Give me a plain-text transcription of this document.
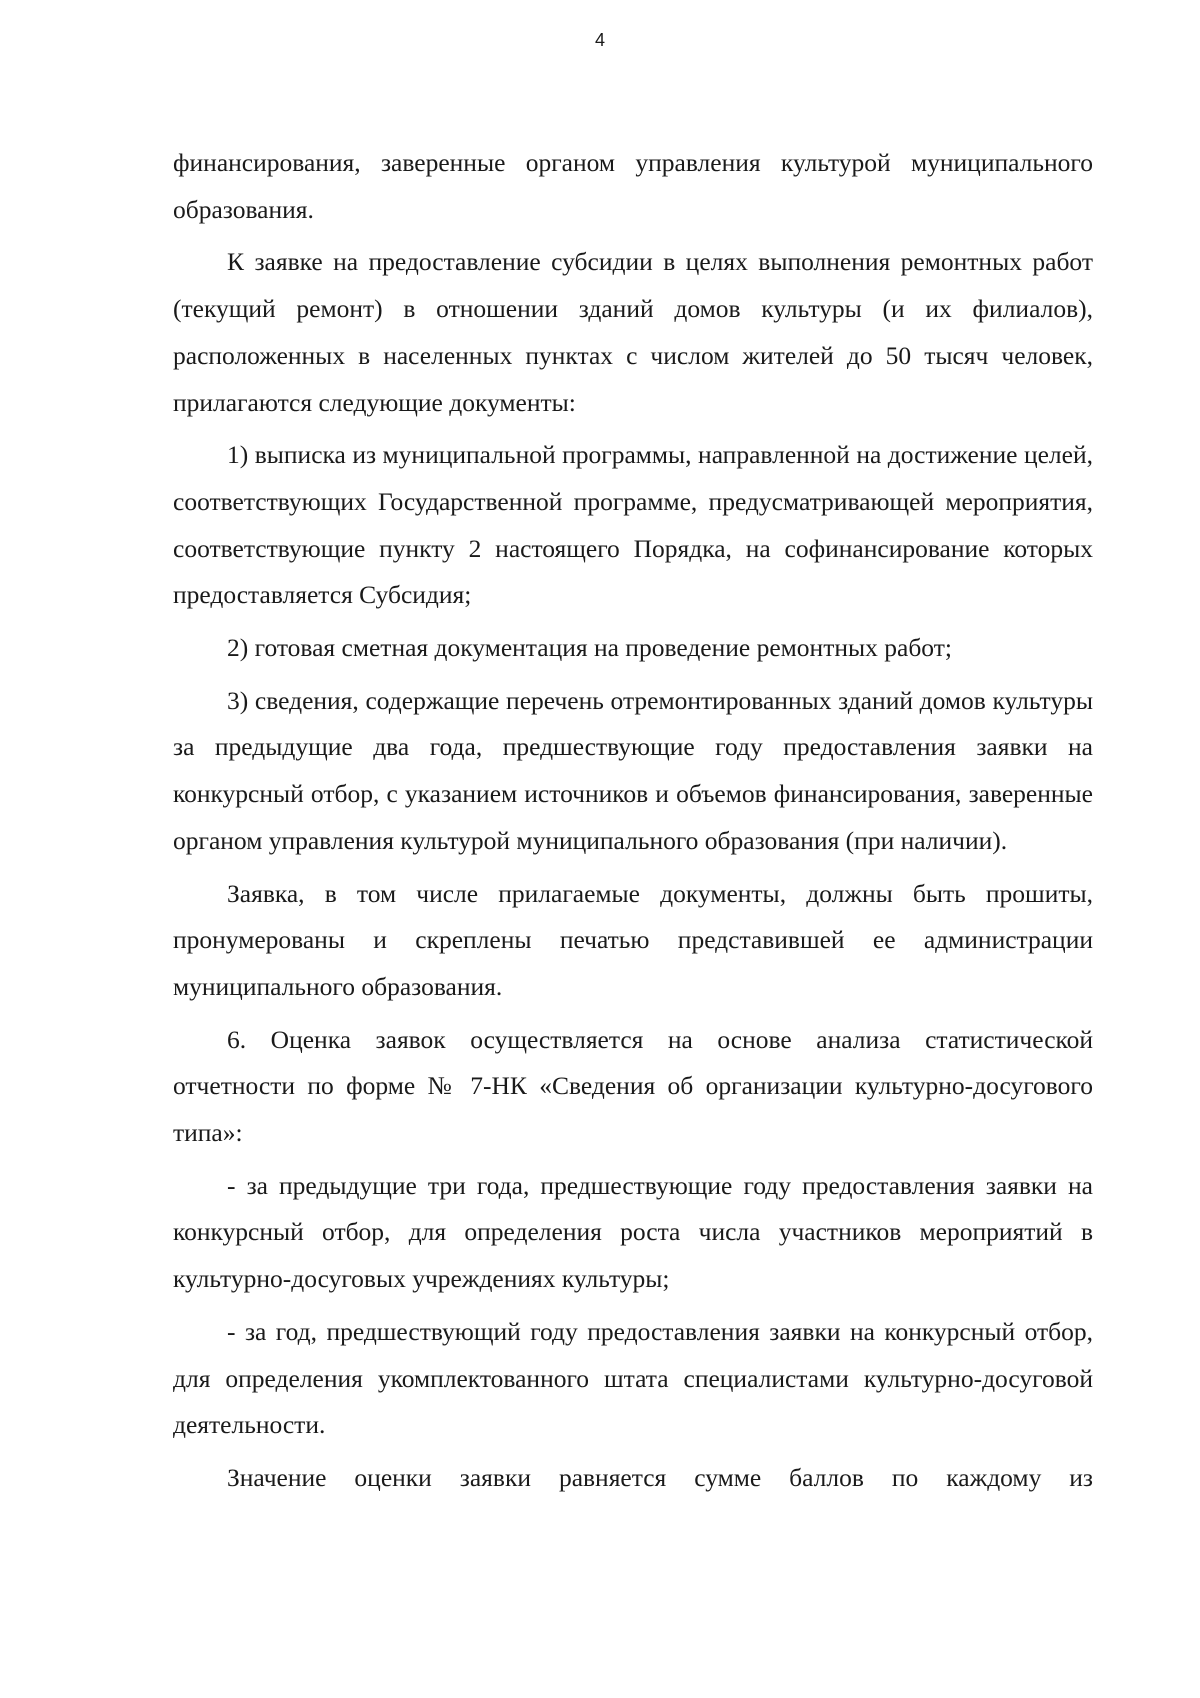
4

финансирования, заверенные органом управления культурой муниципального образования.

К заявке на предоставление субсидии в целях выполнения ремонтных работ (текущий ремонт) в отношении зданий домов культуры (и их филиалов), расположенных в населенных пунктах с числом жителей до 50 тысяч человек, прилагаются следующие документы:

1) выписка из муниципальной программы, направленной на достижение целей, соответствующих Государственной программе, предусматривающей мероприятия, соответствующие пункту 2 настоящего Порядка, на софинансирование которых предоставляется Субсидия;

2) готовая сметная документация на проведение ремонтных работ;

3) сведения, содержащие перечень отремонтированных зданий домов культуры за предыдущие два года, предшествующие году предоставления заявки на конкурсный отбор, с указанием источников и объемов финансирования, заверенные органом управления культурой муниципального образования (при наличии).

Заявка, в том числе прилагаемые документы, должны быть прошиты, пронумерованы и скреплены печатью представившей ее администрации муниципального образования.

6. Оценка заявок осуществляется на основе анализа статистической отчетности по форме № 7-НК «Сведения об организации культурно-досугового типа»:

- за предыдущие три года, предшествующие году предоставления заявки на конкурсный отбор, для определения роста числа участников мероприятий в культурно-досуговых учреждениях культуры;

- за год, предшествующий году предоставления заявки на конкурсный отбор, для определения укомплектованного штата специалистами культурно-досуговой деятельности.

Значение оценки заявки равняется сумме баллов по каждому из
